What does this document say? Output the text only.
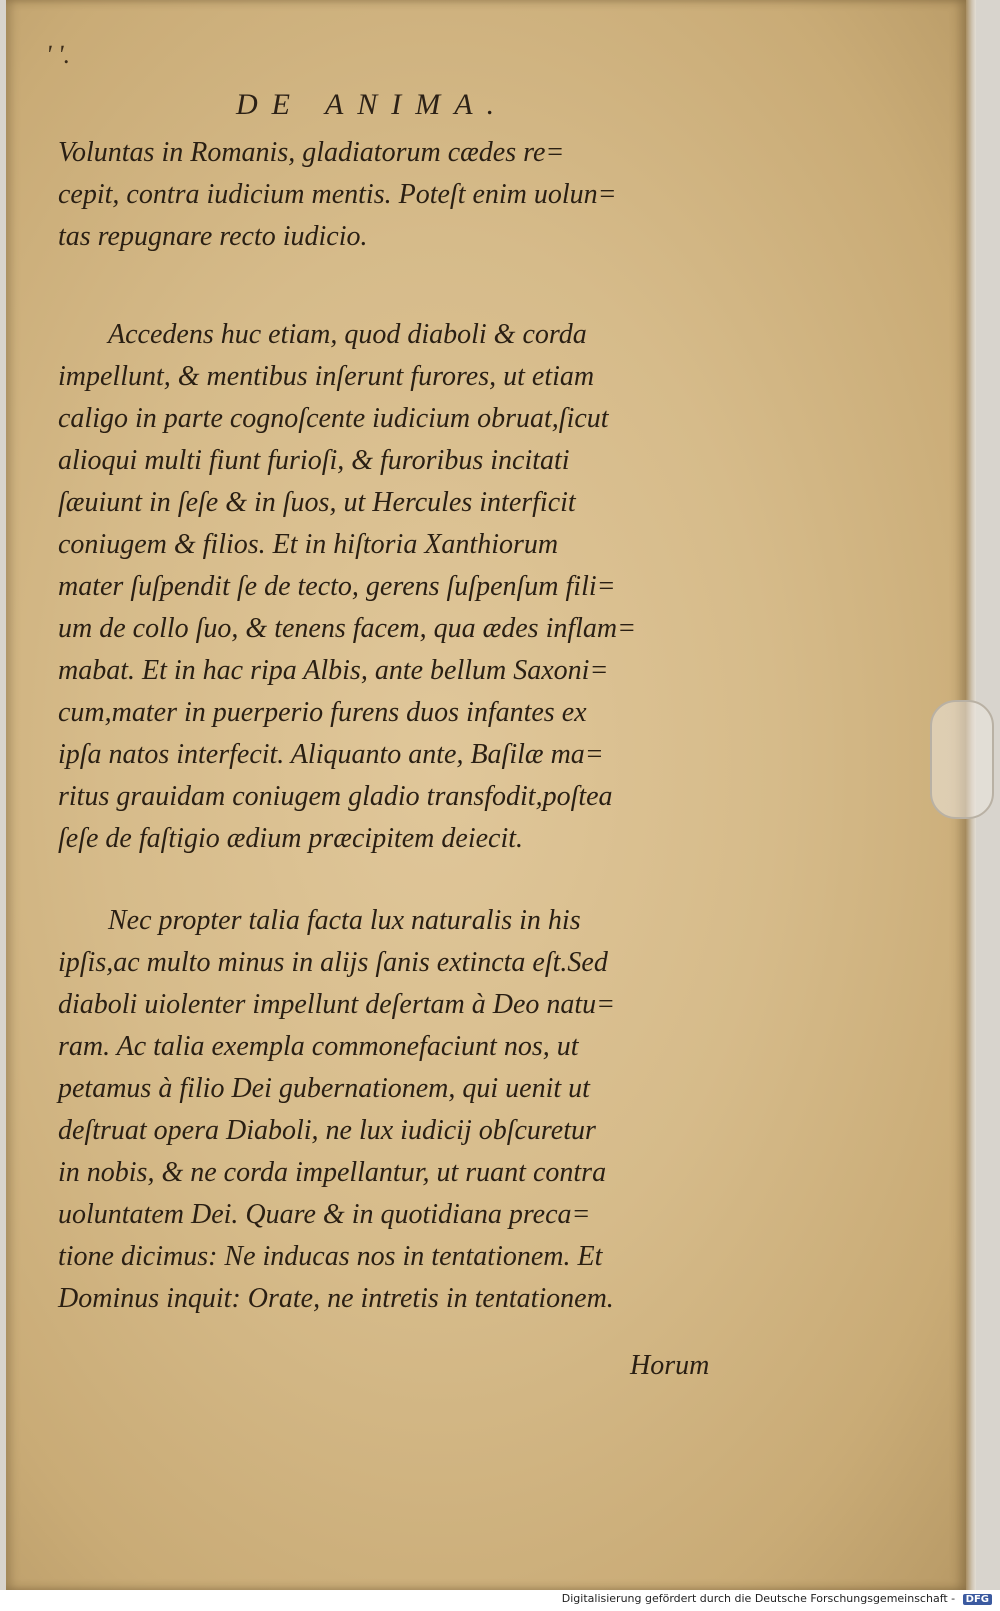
ʹ ʹ.
DE ANIMA.
Voluntas in Romanis, gladiatorum cædes re=
cepit, contra iudicium mentis. Poteſt enim uolun=
tas repugnare recto iudicio.
Accedens huc etiam, quod diaboli & corda
impellunt, & mentibus inſerunt furores, ut etiam
caligo in parte cognoſcente iudicium obruat,ſicut
alioqui multi fiunt furioſi, & furoribus incitati
ſæuiunt in ſeſe & in ſuos, ut Hercules interficit
coniugem & filios. Et in hiſtoria Xanthiorum
mater ſuſpendit ſe de tecto, gerens ſuſpenſum fili=
um de collo ſuo, & tenens facem, qua ædes inflam=
mabat. Et in hac ripa Albis, ante bellum Saxoni=
cum,mater in puerperio furens duos infantes ex
ipſa natos interfecit. Aliquanto ante, Baſilæ ma=
ritus grauidam coniugem gladio transfodit,poſtea
ſeſe de faſtigio ædium præcipitem deiecit.
Nec propter talia facta lux naturalis in his
ipſis,ac multo minus in alijs ſanis extincta eſt.Sed
diaboli uiolenter impellunt deſertam à Deo natu=
ram. Ac talia exempla commonefaciunt nos, ut
petamus à filio Dei gubernationem, qui uenit ut
deſtruat opera Diaboli, ne lux iudicij obſcuretur
in nobis, & ne corda impellantur, ut ruant contra
uoluntatem Dei. Quare & in quotidiana preca=
tione dicimus: Ne inducas nos in tentationem. Et
Dominus inquit: Orate, ne intretis in tentationem.
Horum
Digitalisierung gefördert durch die Deutsche Forschungsgemeinschaft - DFG
